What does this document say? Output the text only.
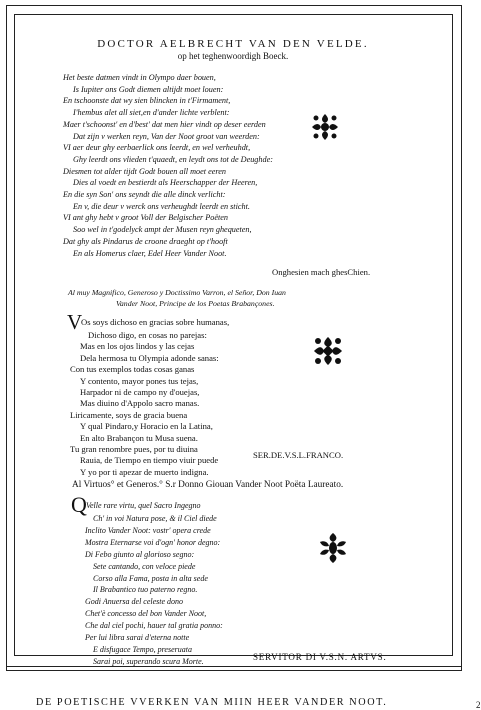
DOCTOR AELBRECHT VAN DEN VELDE.
op het teghenwoordigh Boeck.
Het beste datmen vindt in Olympo daer bouen,
Is Iupiter ons Godt diemen altijdt moet louen:
En tschoonste dat wy sien blincken in t'Firmament,
I'hembus alet all siet,en d'ander lichte verblent:
Maer t'schoonst' en d'best' dat men hier vindt op deser eerden
Dat zijn v werken reyn, Van der Noot groot van weerden:
VI aer deur ghy eerbaerlick ons leerdt, en wel verheuhdt,
Ghy leerdt ons vlieden t'quaedt, en leydt ons tot de Deughde:
Diesmen tot alder tijdt Godt bouen all moet eeren
Dies al voedt en bestierdt als Heerschapper der Heeren,
En die syn Son' ons seyndt die alle dinck verlicht:
En v, die deur v werck ons verheughdt leerdt en sticht.
VI ant ghy hebt v groot Voll der Belgischer Poëten
Soo wel in t'godelyck ampt der Musen reyn ghequeten,
Dat ghy als Pindarus de croone draeght op t'hooft
En als Homerus claer, Edel Heer Vander Noot.
Onghesien mach ghesChien.
Al muy Magnifico, Generoso y Doctissimo Varron, el Señor, Don Iuan
Vander Noot, Principe de los Poetas Brabançones.
VOs soys dichoso en gracias sobre humanas,
Dichoso digo, en cosas no parejas:
Mas en los ojos lindos y las cejas
Dela hermosa tu Olympia adonde sanas:
Con tus exemplos todas cosas ganas
Y contento, mayor pones tus tejas,
Harpador ni de campo ny d'ouejas,
Mas diuino d'Appolo sacro manas.
Liricamente, soys de gracia buena
Y qual Pindaro,y Horacio en la Latina,
En alto Brabançon tu Musa suena.
Tu gran renombre pues, por tu diuina
Rauia, de Tiempo en tiempo viuir puede
Y yo por ti apezar de muerto indigna.
SER.DE.V.S.L.FRANCO.
Al Virtuos° et Generos.° S.r Donno Giouan Vander Noot Poëta Laureato.
QVelle rare virtu, quel Sacro Ingegno
Ch' in voi Natura pose, & il Ciel diede
Inclito Vander Noot: vostr' opera crede
Mostra Eternarse voi d'ogn' honor degno:
Di Febo giunto al glorioso segno:
Sete cantando, con veloce piede
Corso alla Fama, posta in alta sede
Il Brabantico tuo paterno regno.
Godi Anuersa del celeste dono
Chet'è concesso del bon Vander Noot,
Che dal ciel pochi, hauer tal gratia ponno:
Per lui libra sarai d'eterna notte
E disfugace Tempo, preseruata
Sarai poi, superando scura Morte.	SERVITOR DI V.S.N. ARTVS.
DE POETISCHE VVERKEN VAN MIIN HEER VANDER NOOT.	2
